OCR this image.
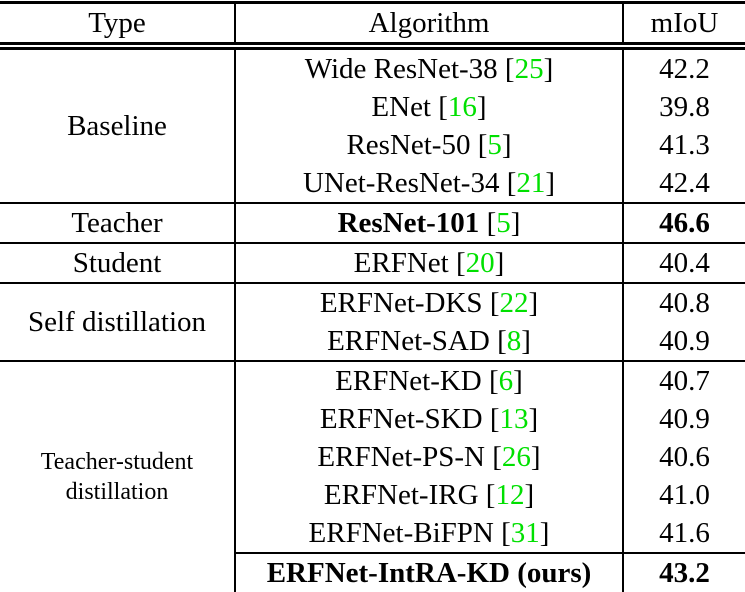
Type	Algorithm	mIoU
Baseline	Wide ResNet-38 [25]	42.2
	ENet [16]	39.8
	ResNet-50 [5]	41.3
	UNet-ResNet-34 [21]	42.4
Teacher	ResNet-101 [5]	46.6
Student	ERFNet [20]	40.4
Self distillation	ERFNet-DKS [22]	40.8
	ERFNet-SAD [8]	40.9
Teacher-student distillation	ERFNet-KD [6]	40.7
	ERFNet-SKD [13]	40.9
	ERFNet-PS-N [26]	40.6
	ERFNet-IRG [12]	41.0
	ERFNet-BiFPN [31]	41.6
	ERFNet-IntRA-KD (ours)	43.2
